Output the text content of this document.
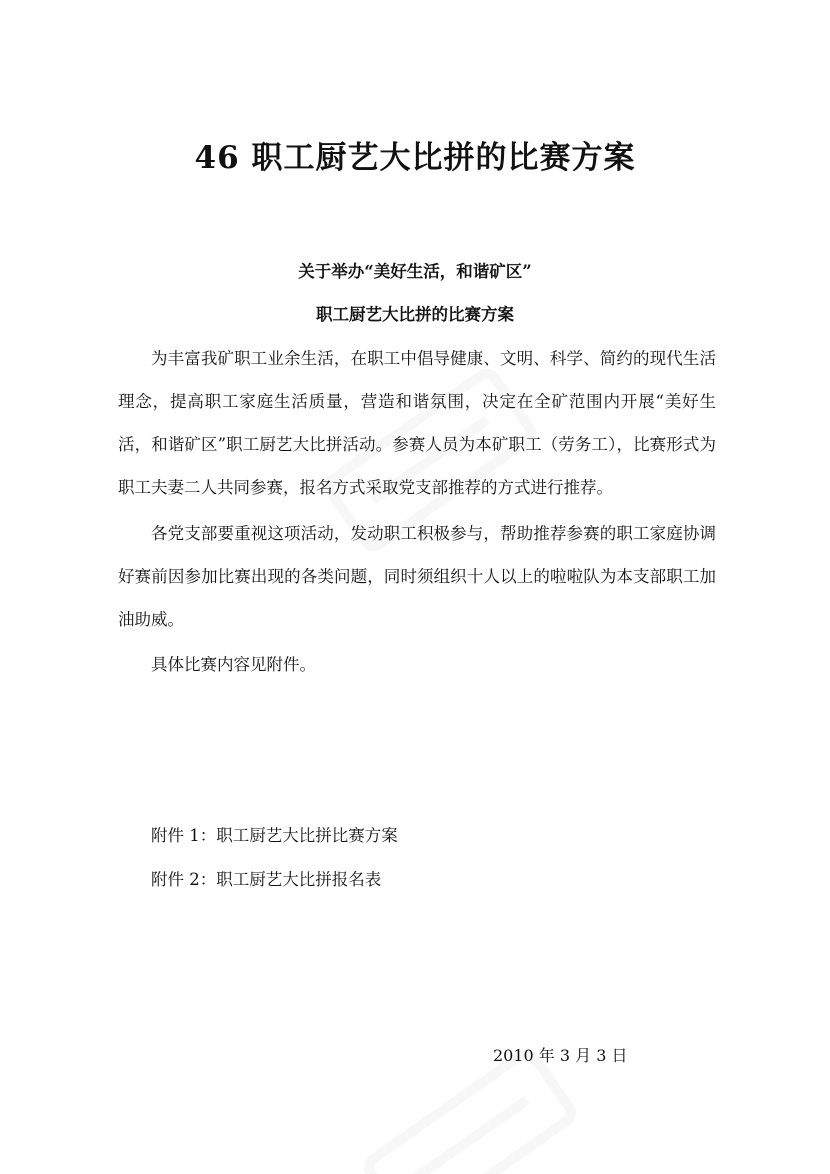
46 职工厨艺大比拼的比赛方案

关于举办“美好生活，和谐矿区”

职工厨艺大比拼的比赛方案

为丰富我矿职工业余生活，在职工中倡导健康、文明、科学、简约的现代生活理念，提高职工家庭生活质量，营造和谐氛围，决定在全矿范围内开展“美好生活，和谐矿区”职工厨艺大比拼活动。参赛人员为本矿职工（劳务工），比赛形式为职工夫妻二人共同参赛，报名方式采取党支部推荐的方式进行推荐。

各党支部要重视这项活动，发动职工积极参与，帮助推荐参赛的职工家庭协调好赛前因参加比赛出现的各类问题，同时须组织十人以上的啦啦队为本支部职工加油助威。

具体比赛内容见附件。

附件 1：职工厨艺大比拼比赛方案

附件 2：职工厨艺大比拼报名表

2010 年 3 月 3 日
